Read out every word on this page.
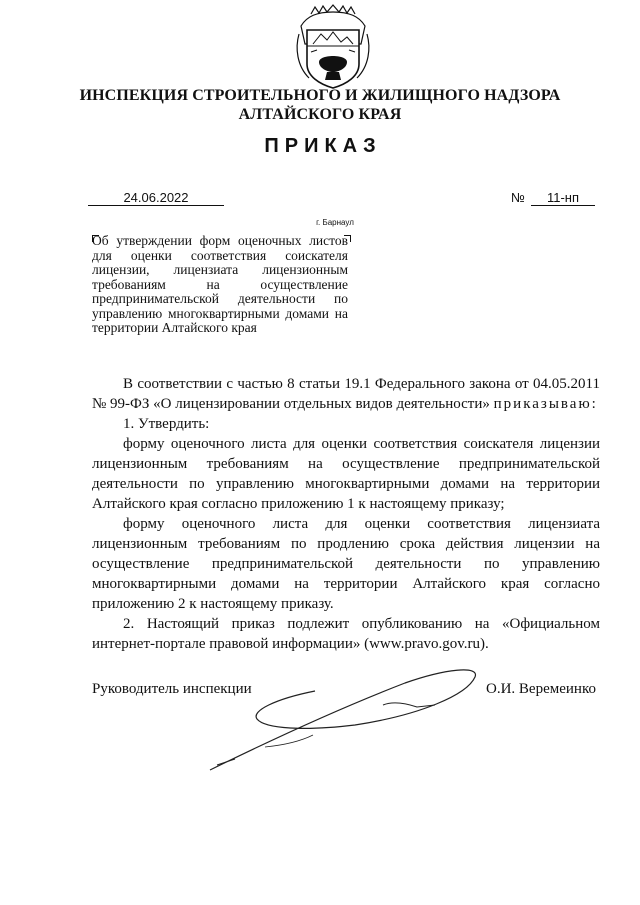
ИНСПЕКЦИЯ СТРОИТЕЛЬНОГО И ЖИЛИЩНОГО НАДЗОРА
АЛТАЙСКОГО КРАЯ
ПРИКАЗ
24.06.2022	№	11-нп
г. Барнаул

Об утверждении форм оценочных листов для оценки соответствия соискателя лицензии, лицензиата лицензионным требованиям на осуществление предпринимательской деятельности по управлению многоквартирными домами на территории Алтайского края

В соответствии с частью 8 статьи 19.1 Федерального закона от 04.05.2011 № 99-ФЗ «О лицензировании отдельных видов деятельности» приказываю:

1. Утвердить:

форму оценочного листа для оценки соответствия соискателя лицензии лицензионным требованиям на осуществление предпринимательской деятельности по управлению многоквартирными домами на территории Алтайского края согласно приложению 1 к настоящему приказу;

форму оценочного листа для оценки соответствия лицензиата лицензионным требованиям по продлению срока действия лицензии на осуществление предпринимательской деятельности по управлению многоквартирными домами на территории Алтайского края согласно приложению 2 к настоящему приказу.

2. Настоящий приказ подлежит опубликованию на «Официальном интернет-портале правовой информации» (www.pravo.gov.ru).

Руководитель инспекции	О.И. Веремеинко
